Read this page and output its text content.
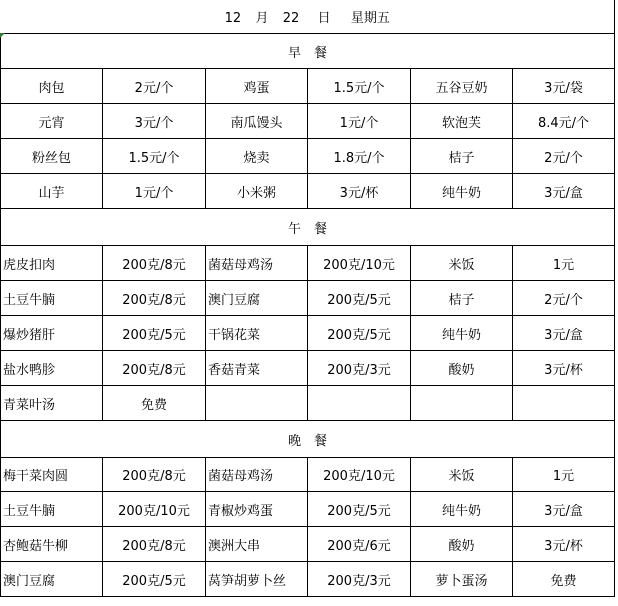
12 月 22 日 星期五					
早　餐					
肉包	2元/个	鸡蛋	1.5元/个	五谷豆奶	3元/袋
元宵	3元/个	南瓜馒头	1元/个	软泡芙	8.4元/个
粉丝包	1.5元/个	烧卖	1.8元/个	桔子	2元/个
山芋	1元/个	小米粥	3元/杯	纯牛奶	3元/盒
午　餐					
虎皮扣肉	200克/8元	菌菇母鸡汤	200克/10元	米饭	1元
土豆牛腩	200克/8元	澳门豆腐	200克/5元	桔子	2元/个
爆炒猪肝	200克/5元	干锅花菜	200克/5元	纯牛奶	3元/盒
盐水鸭胗	200克/8元	香菇青菜	200克/3元	酸奶	3元/杯
青菜叶汤	免费				
晚　餐					
梅干菜肉圆	200克/8元	菌菇母鸡汤	200克/10元	米饭	1元
土豆牛腩	200克/10元	青椒炒鸡蛋	200克/5元	纯牛奶	3元/盒
杏鲍菇牛柳	200克/8元	澳洲大串	200克/6元	酸奶	3元/杯
澳门豆腐	200克/5元	莴笋胡萝卜丝	200克/3元	萝卜蛋汤	免费
